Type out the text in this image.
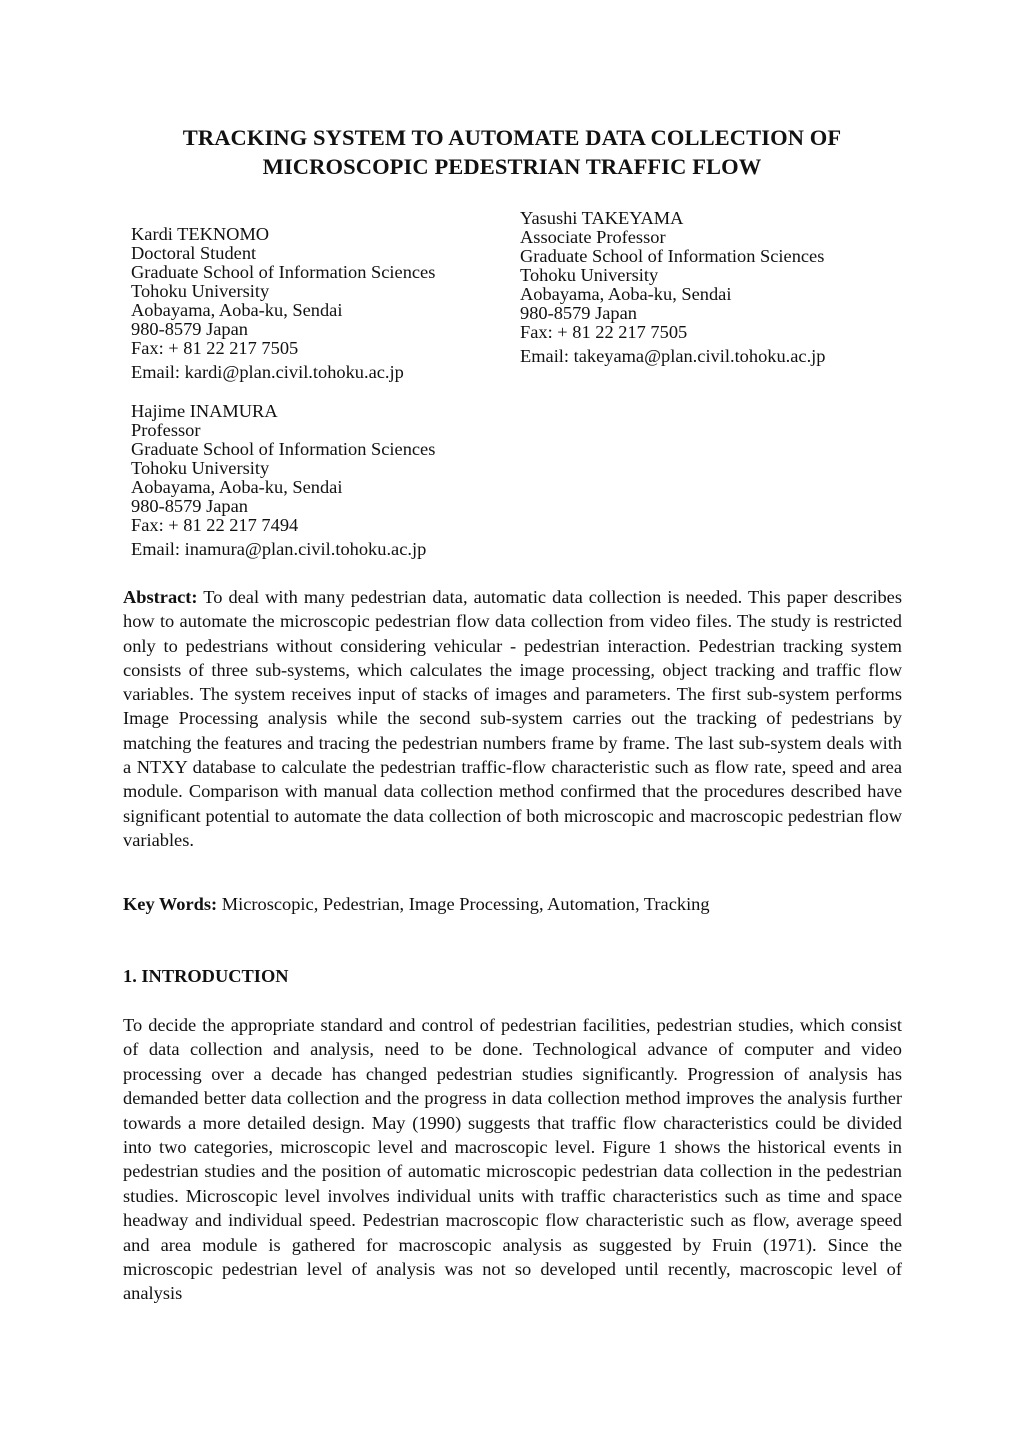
TRACKING SYSTEM TO AUTOMATE DATA COLLECTION OF
MICROSCOPIC PEDESTRIAN TRAFFIC FLOW
Kardi TEKNOMO
Doctoral Student
Graduate School of Information Sciences
Tohoku University
Aobayama, Aoba-ku, Sendai
980-8579 Japan
Fax: + 81 22 217 7505
Email: kardi@plan.civil.tohoku.ac.jp
Yasushi TAKEYAMA
Associate Professor
Graduate School of Information Sciences
Tohoku University
Aobayama, Aoba-ku, Sendai
980-8579 Japan
Fax: + 81 22 217 7505
Email: takeyama@plan.civil.tohoku.ac.jp
Hajime INAMURA
Professor
Graduate School of Information Sciences
Tohoku University
Aobayama, Aoba-ku, Sendai
980-8579 Japan
Fax: + 81 22 217 7494
Email: inamura@plan.civil.tohoku.ac.jp

Abstract: To deal with many pedestrian data, automatic data collection is needed. This paper describes how to automate the microscopic pedestrian flow data collection from video files. The study is restricted only to pedestrians without considering vehicular - pedestrian interaction. Pedestrian tracking system consists of three sub-systems, which calculates the image processing, object tracking and traffic flow variables. The system receives input of stacks of images and parameters. The first sub-system performs Image Processing analysis while the second sub-system carries out the tracking of pedestrians by matching the features and tracing the pedestrian numbers frame by frame. The last sub-system deals with a NTXY database to calculate the pedestrian traffic-flow characteristic such as flow rate, speed and area module. Comparison with manual data collection method confirmed that the procedures described have significant potential to automate the data collection of both microscopic and macroscopic pedestrian flow variables.

Key Words: Microscopic, Pedestrian, Image Processing, Automation, Tracking
1. INTRODUCTION

To decide the appropriate standard and control of pedestrian facilities, pedestrian studies, which consist of data collection and analysis, need to be done. Technological advance of computer and video processing over a decade has changed pedestrian studies significantly. Progression of analysis has demanded better data collection and the progress in data collection method improves the analysis further towards a more detailed design. May (1990) suggests that traffic flow characteristics could be divided into two categories, microscopic level and macroscopic level. Figure 1 shows the historical events in pedestrian studies and the position of automatic microscopic pedestrian data collection in the pedestrian studies. Microscopic level involves individual units with traffic characteristics such as time and space headway and individual speed. Pedestrian macroscopic flow characteristic such as flow, average speed and area module is gathered for macroscopic analysis as suggested by Fruin (1971). Since the microscopic pedestrian level of analysis was not so developed until recently, macroscopic level of analysis
